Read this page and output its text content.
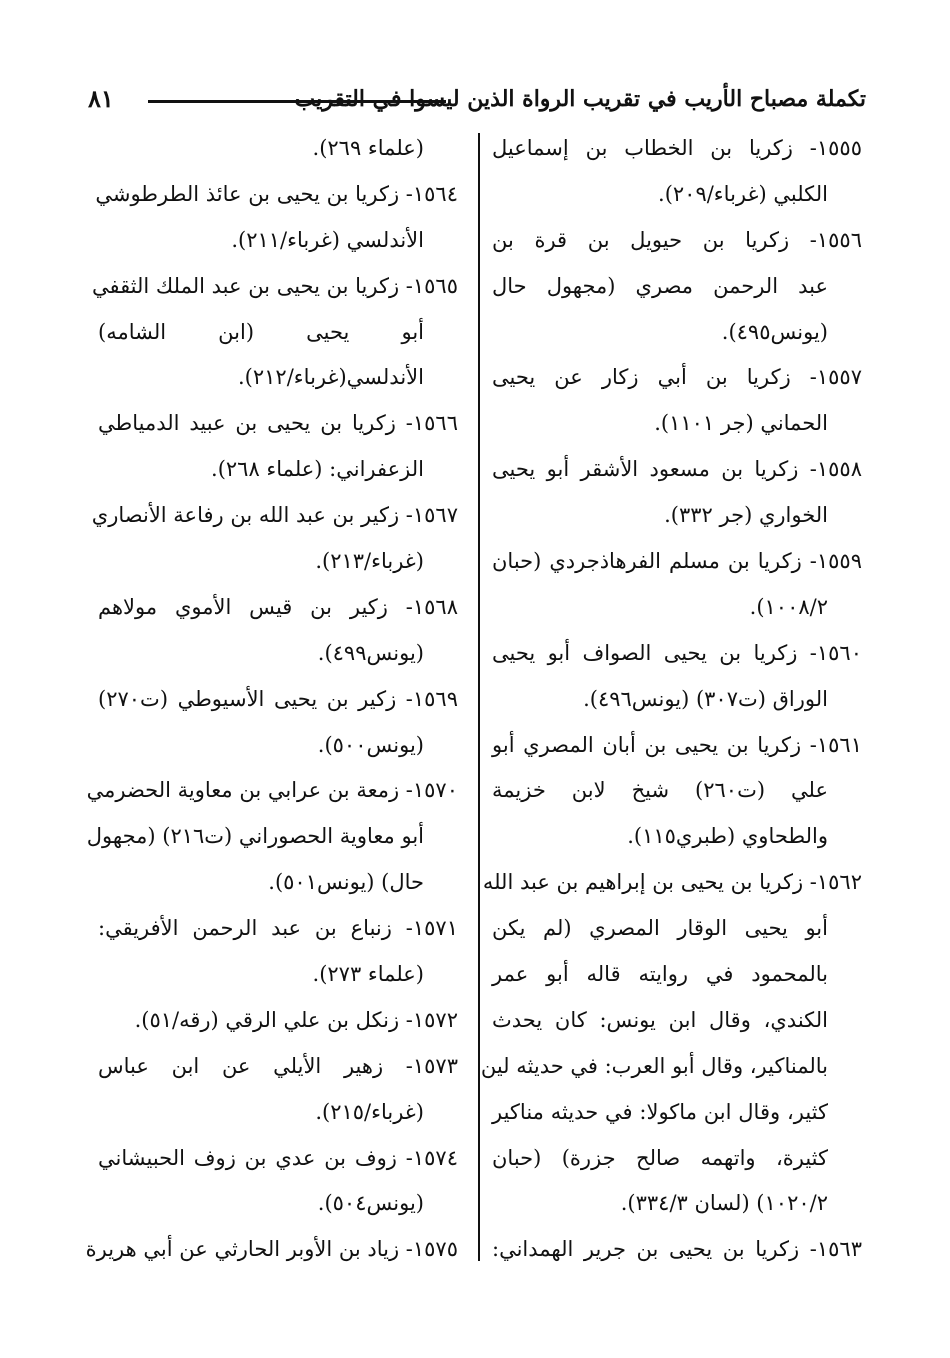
تكملة مصباح الأريب في تقريب الرواة الذين ليسوا في التقريب
٨١
١٥٥٥- زكريا بن الخطاب بن إسماعيل
الكلبي (غرباء/٢٠٩).
١٥٥٦- زكريا بن حيويل بن قرة بن
عبد الرحمن مصري (مجهول حال
(يونس٤٩٥).
١٥٥٧- زكريا بن أبي زكار عن يحيى
الحماني (جر ١١٠١).
١٥٥٨- زكريا بن مسعود الأشقر أبو يحيى
الخواري (جر ٣٣٢).
١٥٥٩- زكريا بن مسلم الفرهاذجردي (حبان
١٠٠٨/٢).
١٥٦٠- زكريا بن يحيى الصواف أبو يحيى
الوراق (ت٣٠٧) (يونس٤٩٦).
١٥٦١- زكريا بن يحيى بن أبان المصري أبو
علي (ت٢٦٠) شيخ لابن خزيمة
والطحاوي (طبري١١٥).
١٥٦٢- زكريا بن يحيى بن إبراهيم بن عبد الله
أبو يحيى الوقار المصري (لم يكن
بالمحمود في روايته قاله أبو عمر
الكندي، وقال ابن يونس: كان يحدث
بالمناكير، وقال أبو العرب: في حديثه لين
كثير، وقال ابن ماكولا: في حديثه مناكير
كثيرة، واتهمه صالح جزرة) (حبان
١٠٢٠/٢) (لسان ٣٣٤/٣).
١٥٦٣- زكريا بن يحيى بن جرير الهمداني:
(علماء ٢٦٩).
١٥٦٤- زكريا بن يحيى بن عائذ الطرطوشي
الأندلسي (غرباء/٢١١).
١٥٦٥- زكريا بن يحيى بن عبد الملك الثقفي
أبو يحيى (ابن الشامه)
الأندلسي(غرباء/٢١٢).
١٥٦٦- زكريا بن يحيى بن عبيد الدمياطي
الزعفراني: (علماء ٢٦٨).
١٥٦٧- زكير بن عبد الله بن رفاعة الأنصاري
(غرباء/٢١٣).
١٥٦٨- زكير بن قيس الأموي مولاهم
(يونس٤٩٩).
١٥٦٩- زكير بن يحيى الأسيوطي (ت٢٧٠)
(يونس٥٠٠).
١٥٧٠- زمعة بن عرابي بن معاوية الحضرمي
أبو معاوية الحصوراني (ت٢١٦) (مجهول
حال) (يونس٥٠١).
١٥٧١- زنباع بن عبد الرحمن الأفريقي:
(علماء ٢٧٣).
١٥٧٢- زنكل بن علي الرقي (رقه/٥١).
١٥٧٣- زهير الأيلي عن ابن عباس
(غرباء/٢١٥).
١٥٧٤- زوف بن عدي بن زوف الحبيشاني
(يونس٥٠٤).
١٥٧٥- زياد بن الأوبر الحارثي عن أبي هريرة
